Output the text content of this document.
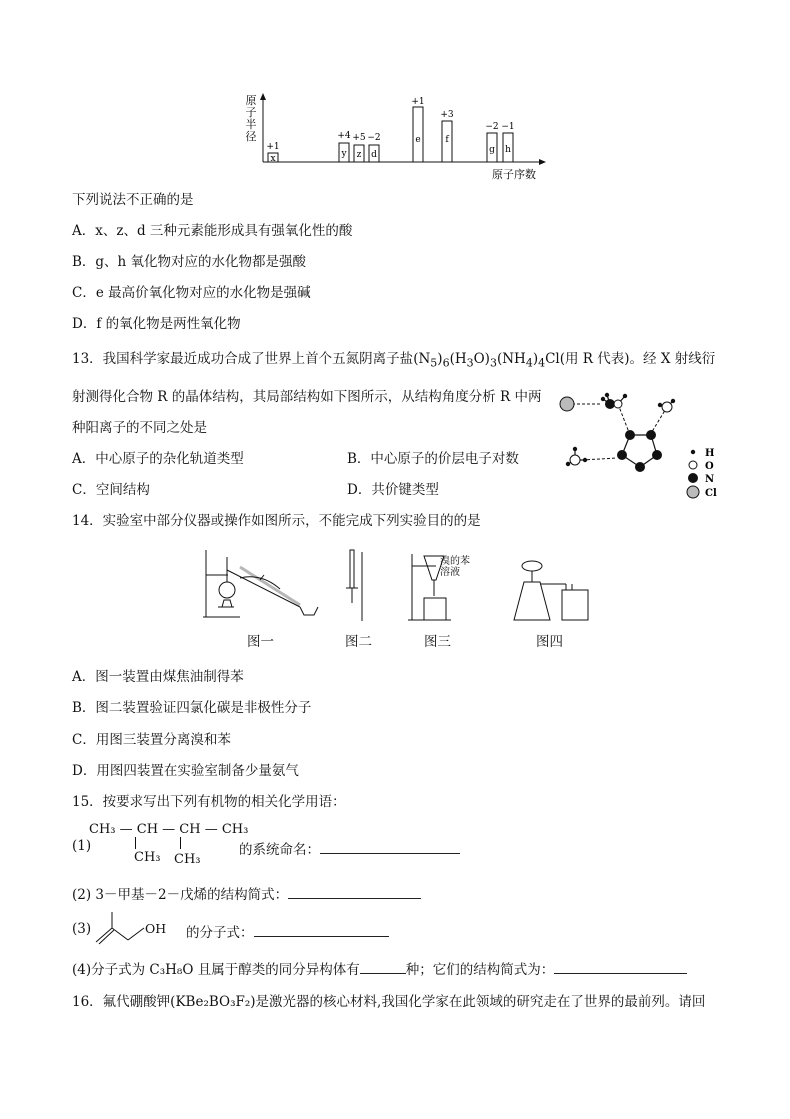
原
子
半
径
原子序数
+1
x
+4
y
+5
z
−2
d
+1
e
+3
f
−2
g
−1
h
下列说法不正确的是
A．x、z、d 三种元素能形成具有强氧化性的酸
B．g、h 氧化物对应的水化物都是强酸
C．e 最高价氧化物对应的水化物是强碱
D．f 的氧化物是两性氧化物
13．我国科学家最近成功合成了世界上首个五氮阴离子盐$(N_5)_6(H_3O)_3(NH_4)_4Cl$(用 R 代表)。经 X 射线衍
射测得化合物 R 的晶体结构，其局部结构如下图所示，从结构角度分析 R 中两
种阳离子的不同之处是
A．中心原子的杂化轨道类型	B．中心原子的价层电子对数
C．空间结构	D．共价键类型
H
O
N
Cl
14．实验室中部分仪器或操作如图所示，不能完成下列实验目的的是
图一	图二
溴的苯
溶液
图三	图四
A．图一装置由煤焦油制得苯
B．图二装置验证四氯化碳是非极性分子
C．用图三装置分离溴和苯
D．用图四装置在实验室制备少量氨气
15．按要求写出下列有机物的相关化学用语：
(1)
CH₃ — CH — CH — CH₃
CH₃ CH₃
的系统命名：
(2) 3－甲基－2－戊烯的结构简式：
(3)	OH 的分子式：
(4)分子式为 C₃H₈O 且属于醇类的同分异构体有	种；它们的结构简式为：
16．氟代硼酸钾(KBe₂BO₃F₂)是激光器的核心材料,我国化学家在此领域的研究走在了世界的最前列。请回
